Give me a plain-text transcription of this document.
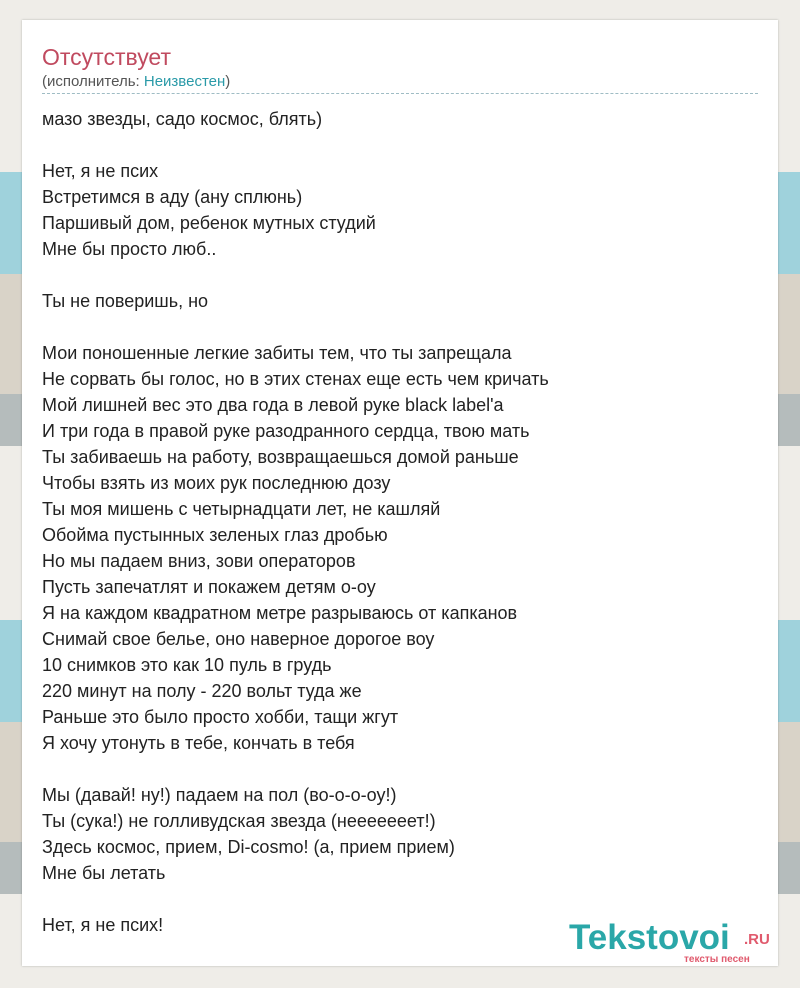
Отсутствует
(исполнитель: Неизвестен)
мазо звезды, садо космос, блять)
Нет, я не псих
Встретимся в аду (ану сплюнь)
Паршивый дом, ребенок мутных студий
Мне бы просто люб..
Ты не поверишь, но
Мои поношенные легкие забиты тем, что ты запрещала
Не сорвать бы голос, но в этих стенах еще есть чем кричать
Мой лишней вес это два года в левой руке black label'a
И три года в правой руке разодранного сердца, твою мать
Ты забиваешь на работу, возвращаешься домой раньше
Чтобы взять из моих рук последнюю дозу
Ты моя мишень с четырнадцати лет, не кашляй
Обойма пустынных зеленых глаз дробью
Но мы падаем вниз, зови операторов
Пусть запечатлят и покажем детям о-оу
Я на каждом квадратном метре разрываюсь от капканов
Снимай свое белье, оно наверное дорогое воу
10 снимков это как 10 пуль в грудь
220 минут на полу - 220 вольт туда же
Раньше это было просто хобби, тащи жгут
Я хочу утонуть в тебе, кончать в тебя
Мы (давай! ну!) падаем на пол (во-о-о-оу!)
Ты (сука!) не голливудская звезда (нееееееет!)
Здесь космос, прием, Di-cosmo! (а, прием прием)
Мне бы летать
Нет, я не псих!	Tekstovoi .RU
тексты песен
